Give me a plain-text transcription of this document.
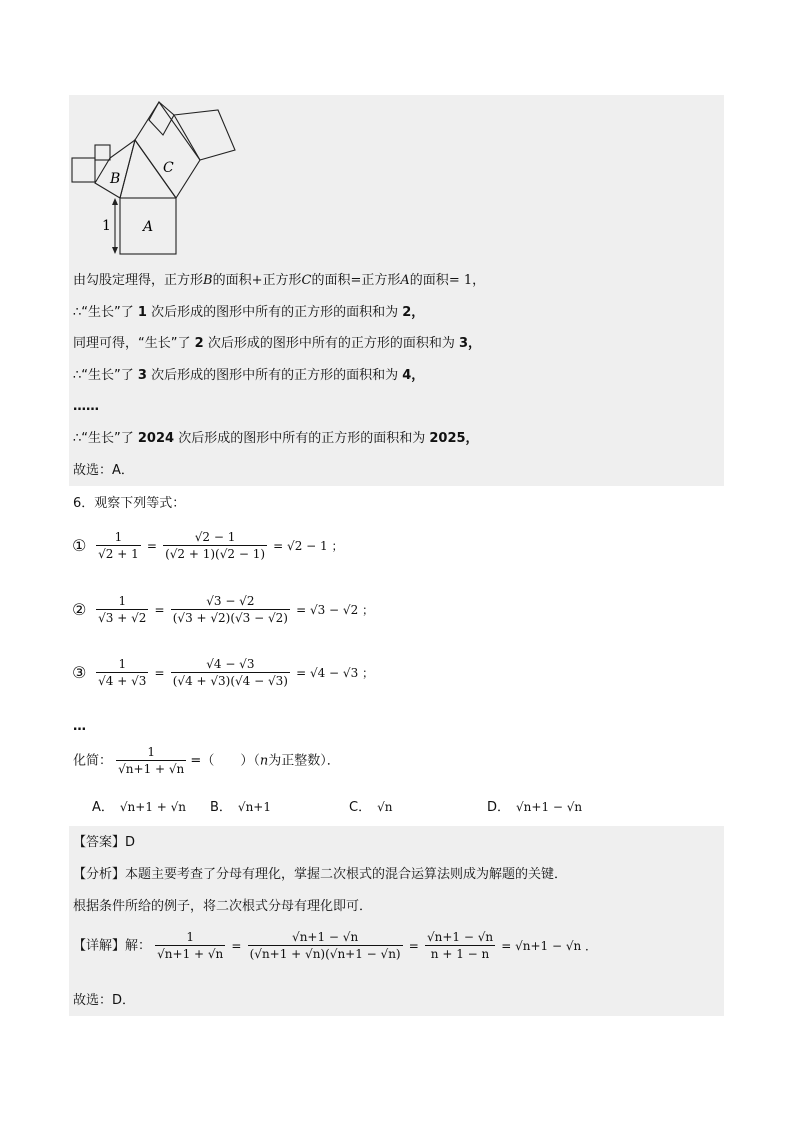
B
C
A
1
由勾股定理得，正方形B的面积+正方形C的面积=正方形A的面积= 1，
∴“生长”了 1 次后形成的图形中所有的正方形的面积和为 2，
同理可得，“生长”了 2 次后形成的图形中所有的正方形的面积和为 3，
∴“生长”了 3 次后形成的图形中所有的正方形的面积和为 4，
……
∴“生长”了 2024 次后形成的图形中所有的正方形的面积和为 2025，
故选：A．
6．观察下列等式：
① $\frac{1}{√2 + 1} = \frac{√2 - 1}{(√2 + 1)(√2 - 1)} = √2 - 1$ ；
② $\frac{1}{√3 + √2} = \frac{√3 - √2}{(√3 + √2)(√3 - √2)} = √3 - √2$ ；
③ $\frac{1}{√4 + √3} = \frac{√4 - √3}{(√4 + √3)(√4 - √3)} = √4 - √3$ ；
…
化简： $\frac{1}{√n+1 + √n}$ =（　　）（n为正整数）．
A． √n+1 + √n B． √n+1	C． √n	D． √n+1 − √n
【答案】D
【分析】本题主要考查了分母有理化，掌握二次根式的混合运算法则成为解题的关键．
根据条件所给的例子，将二次根式分母有理化即可．
【详解】解： $\frac{1}{√n+1 + √n} = \frac{√n+1 - √n}{(√n+1 + √n)(√n+1 - √n)} = \frac{√n+1 - √n}{n + 1 - n} = √n+1 - √n$ ．
故选：D．
